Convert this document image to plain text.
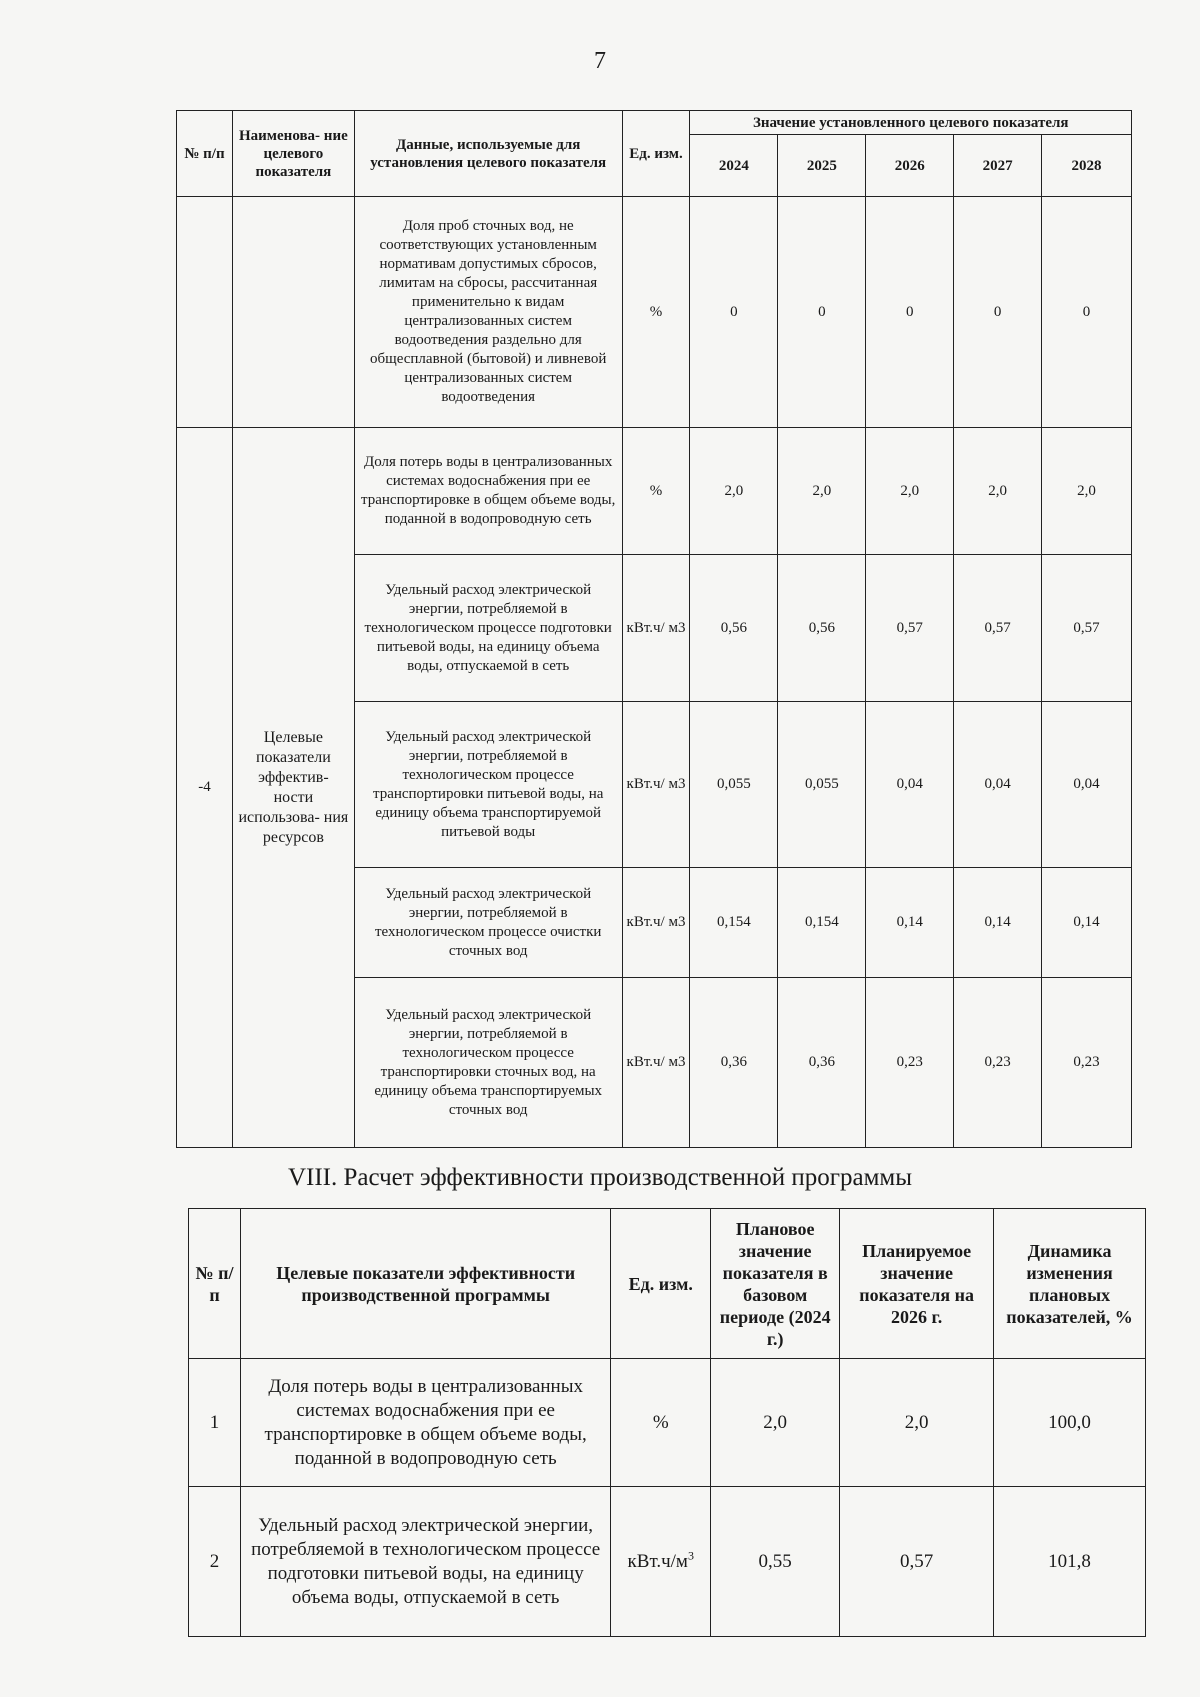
7
№ п/п	Наименова- ние целевого показателя	Данные, используемые для установления целевого показателя	Ед. изм.	Значение установленного целевого показателя				
				2024	2025	2026	2027	2028
		Доля проб сточных вод, не соответствующих установленным нормативам допустимых сбросов, лимитам на сбросы, рассчитанная применительно к видам централизованных систем водоотведения раздельно для общесплавной (бытовой) и ливневой централизованных систем водоотведения	%	0	0	0	0	0
-4	Целевые показатели эффектив- ности использова- ния ресурсов	Доля потерь воды в централизованных системах водоснабжения при ее транспортировке в общем объеме воды, поданной в водопроводную сеть	%	2,0	2,0	2,0	2,0	2,0
		Удельный расход электрической энергии, потребляемой в технологическом процессе подготовки питьевой воды, на единицу объема воды, отпускаемой в сеть	кВт.ч/ м3	0,56	0,56	0,57	0,57	0,57
		Удельный расход электрической энергии, потребляемой в технологическом процессе транспортировки питьевой воды, на единицу объема транспортируемой питьевой воды	кВт.ч/ м3	0,055	0,055	0,04	0,04	0,04
		Удельный расход электрической энергии, потребляемой в технологическом процессе очистки сточных вод	кВт.ч/ м3	0,154	0,154	0,14	0,14	0,14
		Удельный расход электрической энергии, потребляемой в технологическом процессе транспортировки сточных вод, на единицу объема транспортируемых сточных вод	кВт.ч/ м3	0,36	0,36	0,23	0,23	0,23
VIII. Расчет эффективности производственной программы
№ п/п	Целевые показатели эффективности производственной программы	Ед. изм.	Плановое значение показателя в базовом периоде (2024 г.)	Планируемое значение показателя на 2026 г.	Динамика изменения плановых показателей, %
1	Доля потерь воды в централизованных системах водоснабжения при ее транспортировке в общем объеме воды, поданной в водопроводную сеть	%	2,0	2,0	100,0
2	Удельный расход электрической энергии, потребляемой в технологическом процессе подготовки питьевой воды, на единицу объема воды, отпускаемой в сеть	$кВт.ч/м^3$	0,55	0,57	101,8
